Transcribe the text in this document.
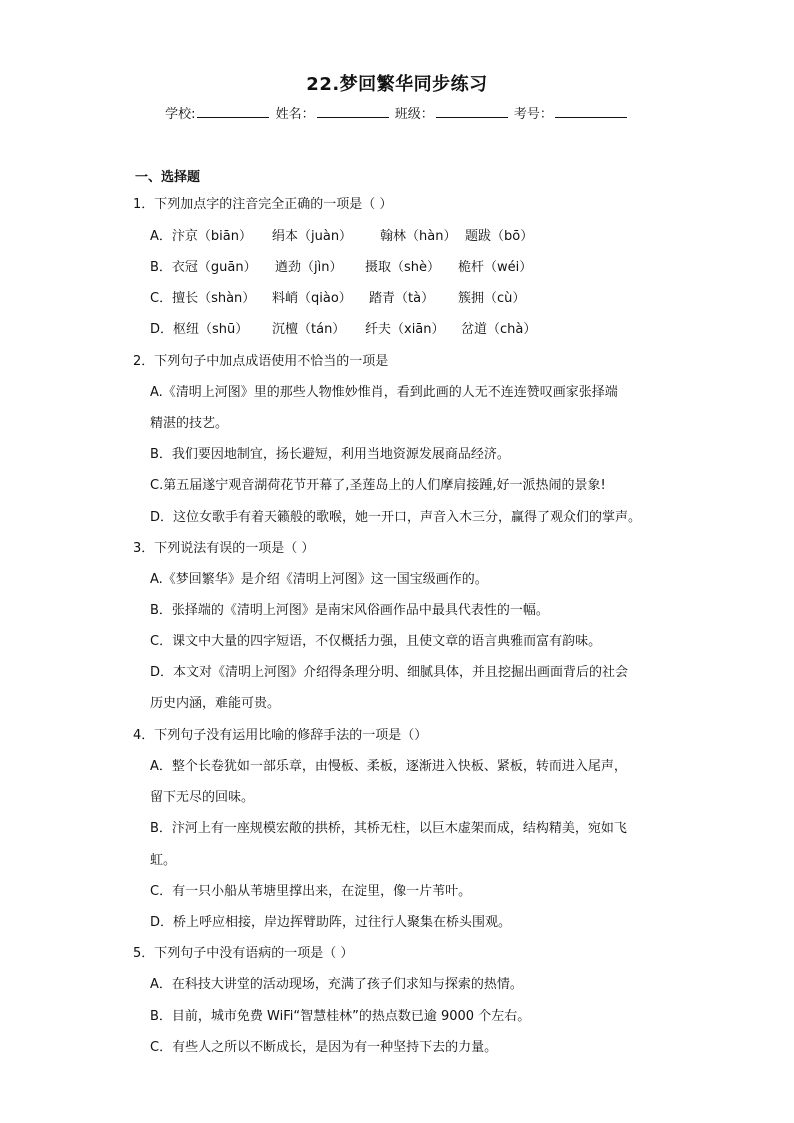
22.梦回繁华同步练习
学校:	姓名：	班级：	考号：
一、选择题
1．下列加点字的注音完全正确的一项是（ ）
A．汴京（biān） 绢本（juàn） 翰林（hàn） 题跋（bō）
B．衣冠（guān） 遒劲（jìn） 摄取（shè） 桅杆（wéi）
C．擅长（shàn） 料峭（qiào） 踏青（tà） 簇拥（cù）
D．枢纽（shū） 沉檀（tán） 纤夫（xiān） 岔道（chà）
2．下列句子中加点成语使用不恰当的一项是
A.《清明上河图》里的那些人物惟妙惟肖，看到此画的人无不连连赞叹画家张择端
精湛的技艺。
B．我们要因地制宜，扬长避短，利用当地资源发展商品经济。
C.第五届遂宁观音湖荷花节开幕了,圣莲岛上的人们摩肩接踵,好一派热闹的景象!
D．这位女歌手有着天籁般的歌喉，她一开口，声音入木三分，赢得了观众们的掌声。
3．下列说法有误的一项是（ ）
A.《梦回繁华》是介绍《清明上河图》这一国宝级画作的。
B．张择端的《清明上河图》是南宋风俗画作品中最具代表性的一幅。
C．课文中大量的四字短语，不仅概括力强，且使文章的语言典雅而富有韵味。
D．本文对《清明上河图》介绍得条理分明、细腻具体，并且挖掘出画面背后的社会
历史内涵，难能可贵。
4．下列句子没有运用比喻的修辞手法的一项是（）
A．整个长卷犹如一部乐章，由慢板、柔板，逐渐进入快板、紧板，转而进入尾声，
留下无尽的回味。
B．汴河上有一座规模宏敞的拱桥，其桥无柱，以巨木虚架而成，结构精美，宛如飞
虹。
C．有一只小船从苇塘里撑出来，在淀里，像一片苇叶。
D．桥上呼应相接，岸边挥臂助阵，过往行人聚集在桥头围观。
5．下列句子中没有语病的一项是（ ）
A．在科技大讲堂的活动现场，充满了孩子们求知与探索的热情。
B．目前，城市免费 WiFi“智慧桂林”的热点数已逾 9000 个左右。
C．有些人之所以不断成长，是因为有一种坚持下去的力量。
